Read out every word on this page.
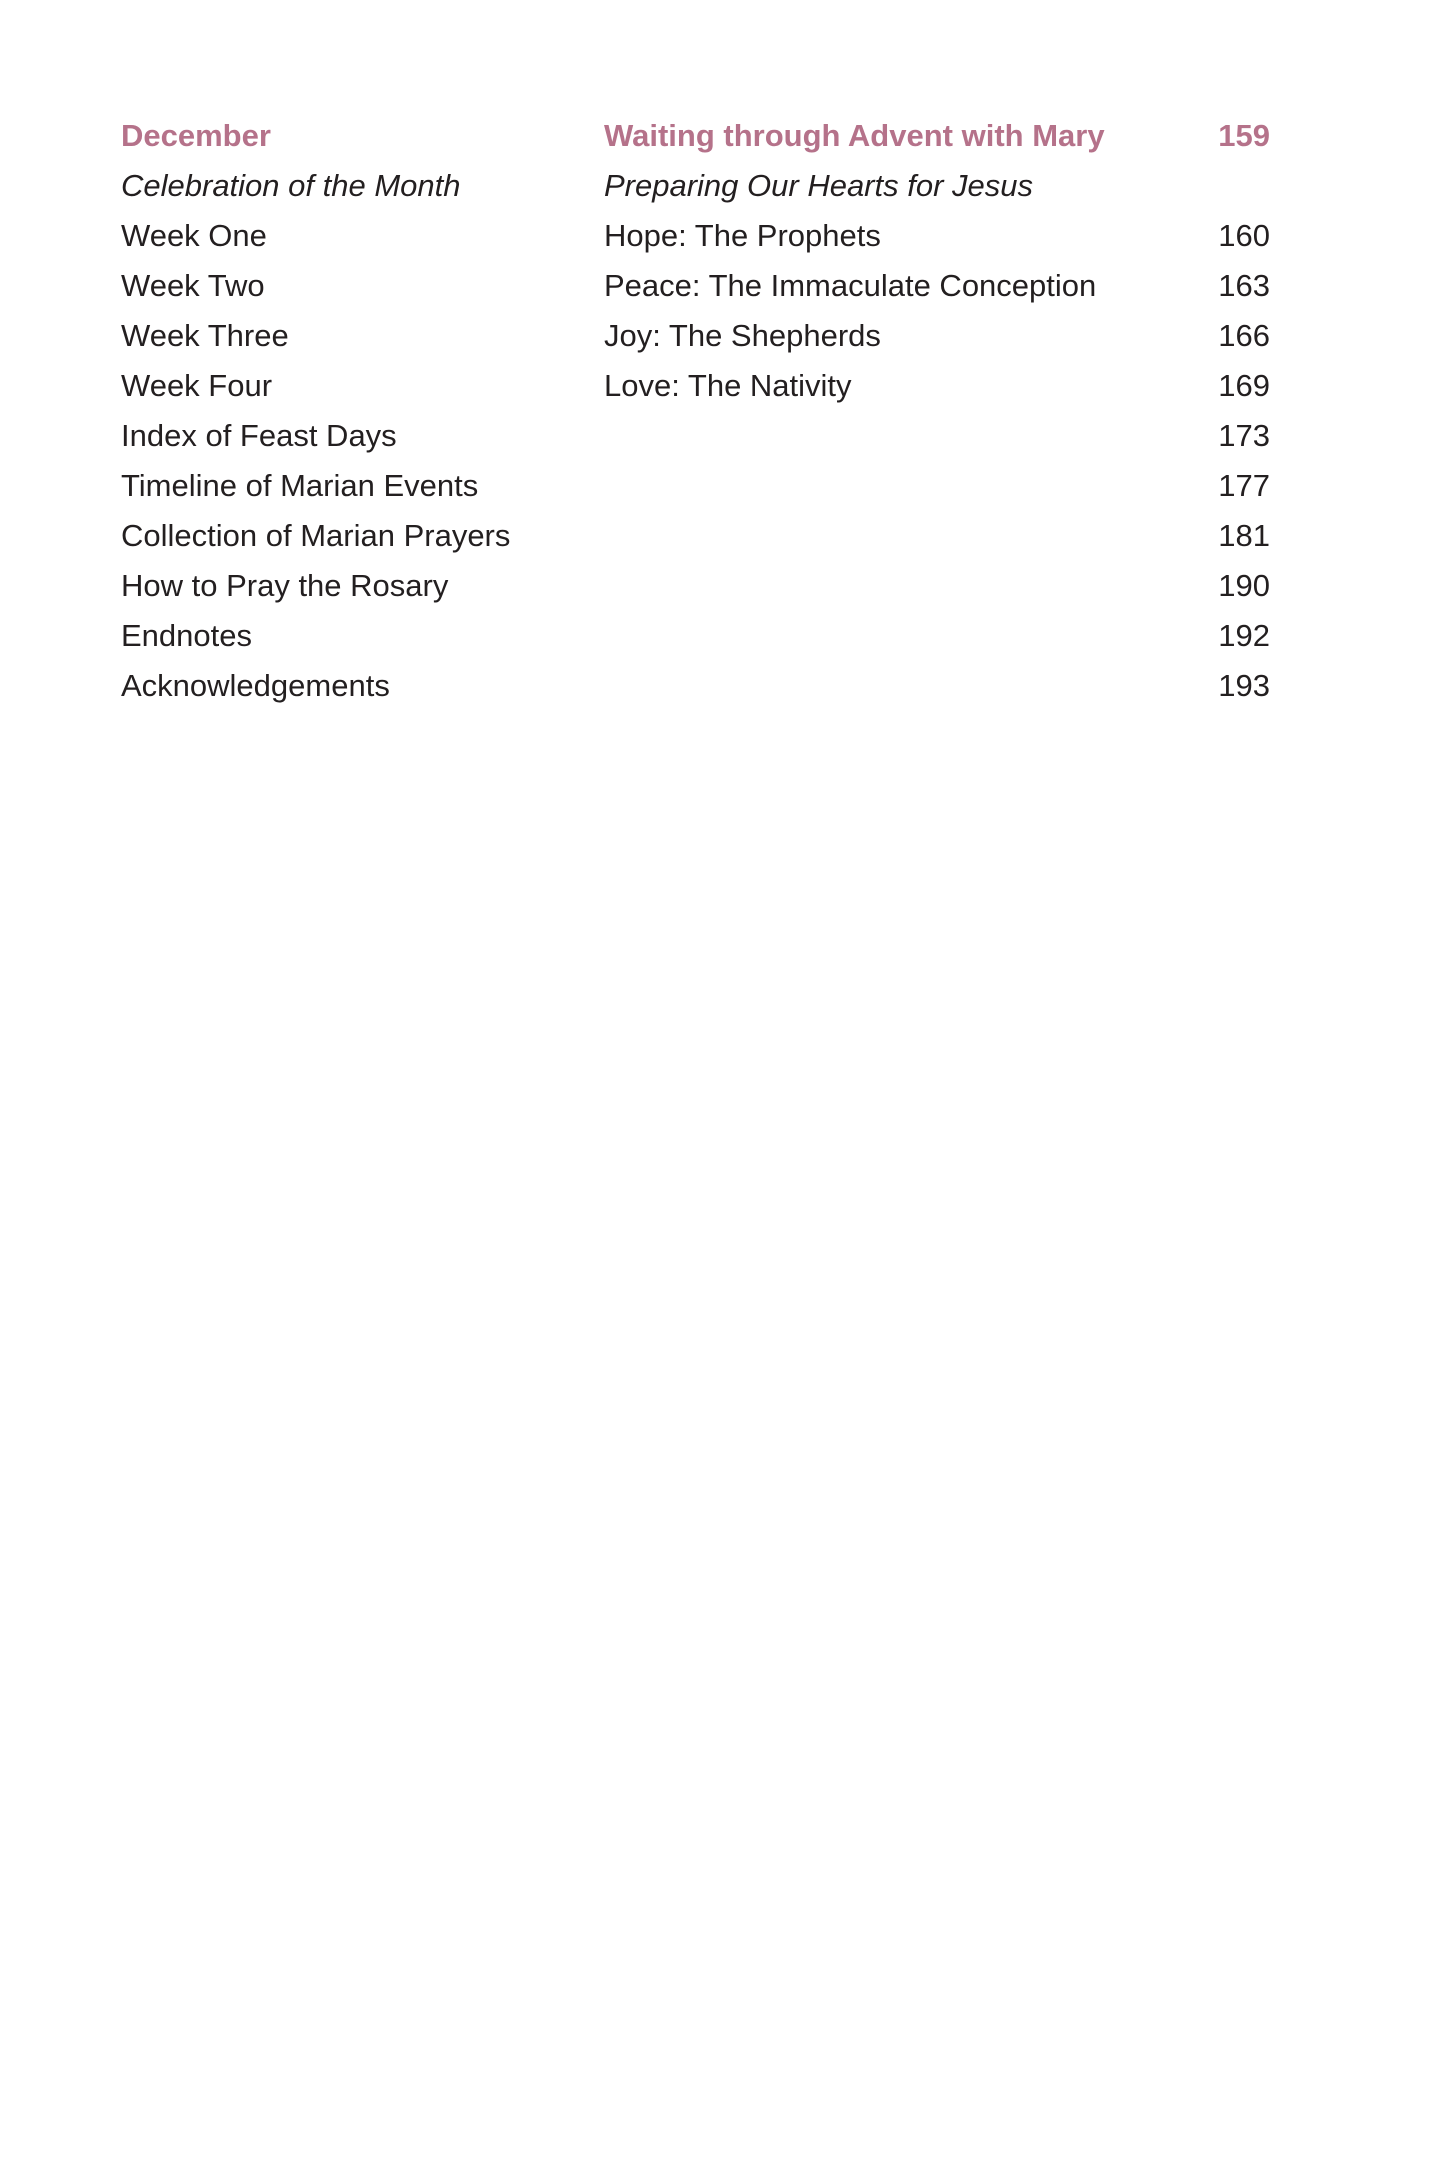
December	Waiting through Advent with Mary	159
Celebration of the Month	Preparing Our Hearts for Jesus
Week One	Hope: The Prophets	160
Week Two	Peace: The Immaculate Conception	163
Week Three	Joy: The Shepherds	166
Week Four	Love: The Nativity	169
Index of Feast Days	173
Timeline of Marian Events	177
Collection of Marian Prayers	181
How to Pray the Rosary	190
Endnotes	192
Acknowledgements	193
